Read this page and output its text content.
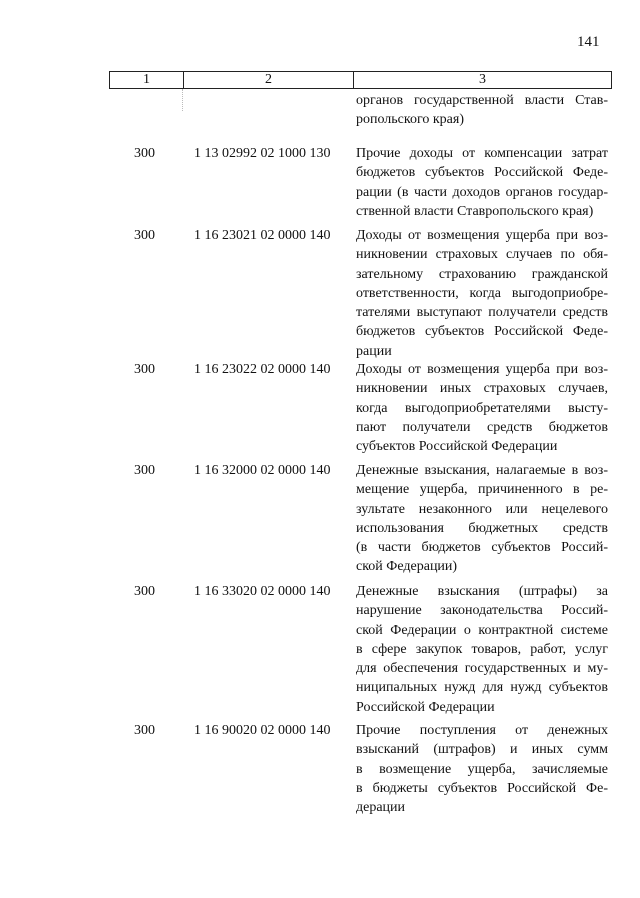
141
1	2	3
органов государственной власти Став-
ропольского края)
300	1 13 02992 02 1000 130 Прочие доходы от компенсации затрат
бюджетов субъектов Российской Феде-
рации (в части доходов органов государ-
ственной власти Ставропольского края)
300	1 16 23021 02 0000 140 Доходы от возмещения ущерба при воз-
никновении страховых случаев по обя-
зательному страхованию гражданской
ответственности, когда выгодоприобре-
тателями выступают получатели средств
бюджетов субъектов Российской Феде-
рации
300	1 16 23022 02 0000 140 Доходы от возмещения ущерба при воз-
никновении иных страховых случаев,
когда выгодоприобретателями высту-
пают получатели средств бюджетов
субъектов Российской Федерации
300	1 16 32000 02 0000 140 Денежные взыскания, налагаемые в воз-
мещение ущерба, причиненного в ре-
зультате незаконного или нецелевого
использования бюджетных средств
(в части бюджетов субъектов Россий-
ской Федерации)
300	1 16 33020 02 0000 140 Денежные взыскания (штрафы) за
нарушение законодательства Россий-
ской Федерации о контрактной системе
в сфере закупок товаров, работ, услуг
для обеспечения государственных и му-
ниципальных нужд для нужд субъектов
Российской Федерации
300	1 16 90020 02 0000 140 Прочие поступления от денежных
взысканий (штрафов) и иных сумм
в возмещение ущерба, зачисляемые
в бюджеты субъектов Российской Фе-
дерации
